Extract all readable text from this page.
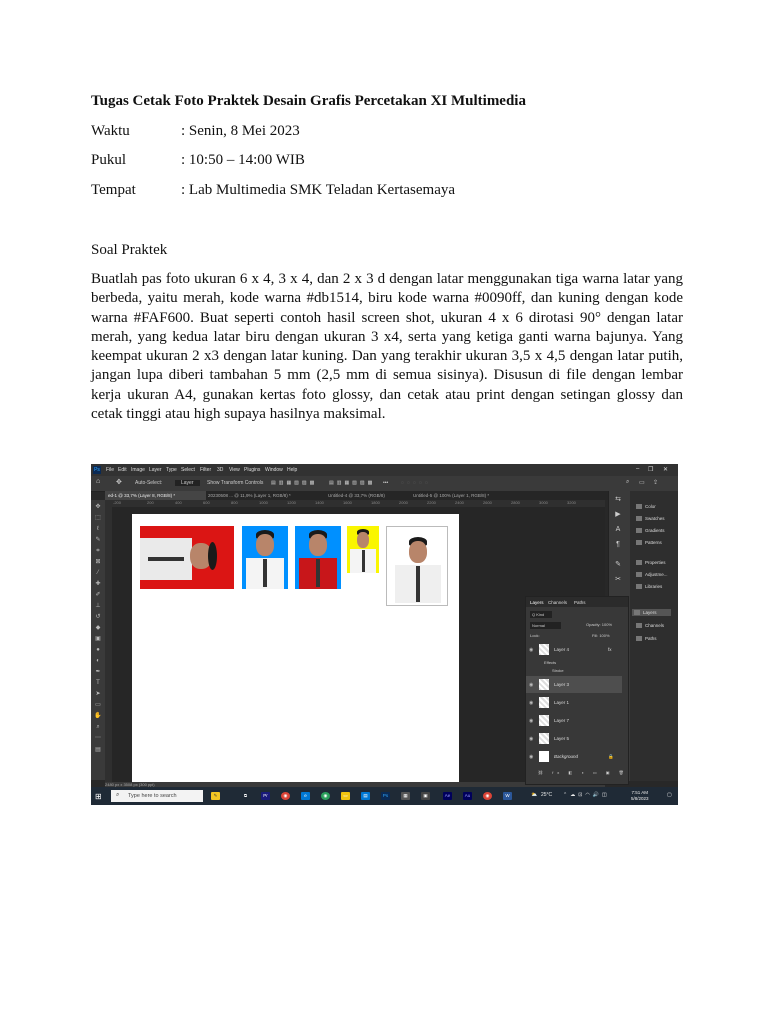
Tugas Cetak Foto Praktek Desain Grafis Percetakan XI Multimedia
Waktu	: Senin, 8 Mei 2023
Pukul	: 10:50 – 14:00 WIB
Tempat	: Lab Multimedia SMK Teladan Kertasemaya
Soal Praktek
Buatlah pas foto ukuran 6 x 4, 3 x 4, dan 2 x 3 d dengan latar menggunakan tiga warna latar yang berbeda, yaitu merah, kode warna #db1514, biru kode warna #0090ff, dan kuning dengan kode warna #FAF600. Buat seperti contoh hasil screen shot, ukuran 4 x 6 dirotasi 90° dengan latar merah, yang kedua latar biru dengan ukuran 3 x4, serta yang ketiga ganti warna bajunya. Yang keempat ukuran 2 x3 dengan latar kuning. Dan yang terakhir ukuran 3,5 x 4,5 dengan latar putih, jangan lupa diberi tambahan 5 mm (2,5 mm di semua sisinya). Disusun di file dengan lembar kerja ukuran A4, gunakan kertas foto glossy, dan cetak atau print dengan setingan glossy dan cetak tinggi atau high supaya hasilnya maksimal.
Ps File Edit Image Layer Type Select Filter 3D View Plugins Window Help	– ❐ ✕
⌂ ✥	Auto-Select:	Layer	Show Transform Controls ▤▥▦▧▨▩ ▤▥▦▧▨▩ •••	◌◌◌◌◌	⌕ ▭ ⇪
ed-1 @ 33,7% (Layer 8, RGB/8) *	20230508 ... @ 11,9% (Layer 1, RGB/8) *	Untitled-4 @ 33,7% (RGB/8)	Untitled-5 @ 100% (Layer 1, RGB/8) *
✥
⬚
ℓ
✎
⌗
⊠
⁄
✚
✐
⊥
↺
◆
▣
●
◐
✒
T
➤
▭
✋
⌕
⋯
▤
-200	200	400	600	800	1000	1200	1400	1600	1800	2000	2200	2400	2600	2800	3000	3200
2480 px x 3508 px (300 ppi)
⇆
▶
A
¶
✎
✂
Color
Swatches
Gradients
Patterns
Properties
Adjustme...
Libraries
Layers
Channels
Paths
Layers Channels Paths
Q Kind
Normal	Opacity: 100%
Lock:	Fill: 100%
◉	Layer 4	fx
Effects
Stroke
◉	Layer 3
◉	Layer 1
◉	Layer 7
◉	Layer 5
◉	Background	🔒
⛓ fx ◧ ◑ ▭ ▣ 🗑
⊞ ⌕ Type here to search	✎	⧉	Pr	◉	e	◉	▭	▤	Ps	▦	▣	Ae	Au	◉	W	⛅ 25°C ⌃☁⊡◠🔊◫	7:51 AM
5/8/2023
▢
